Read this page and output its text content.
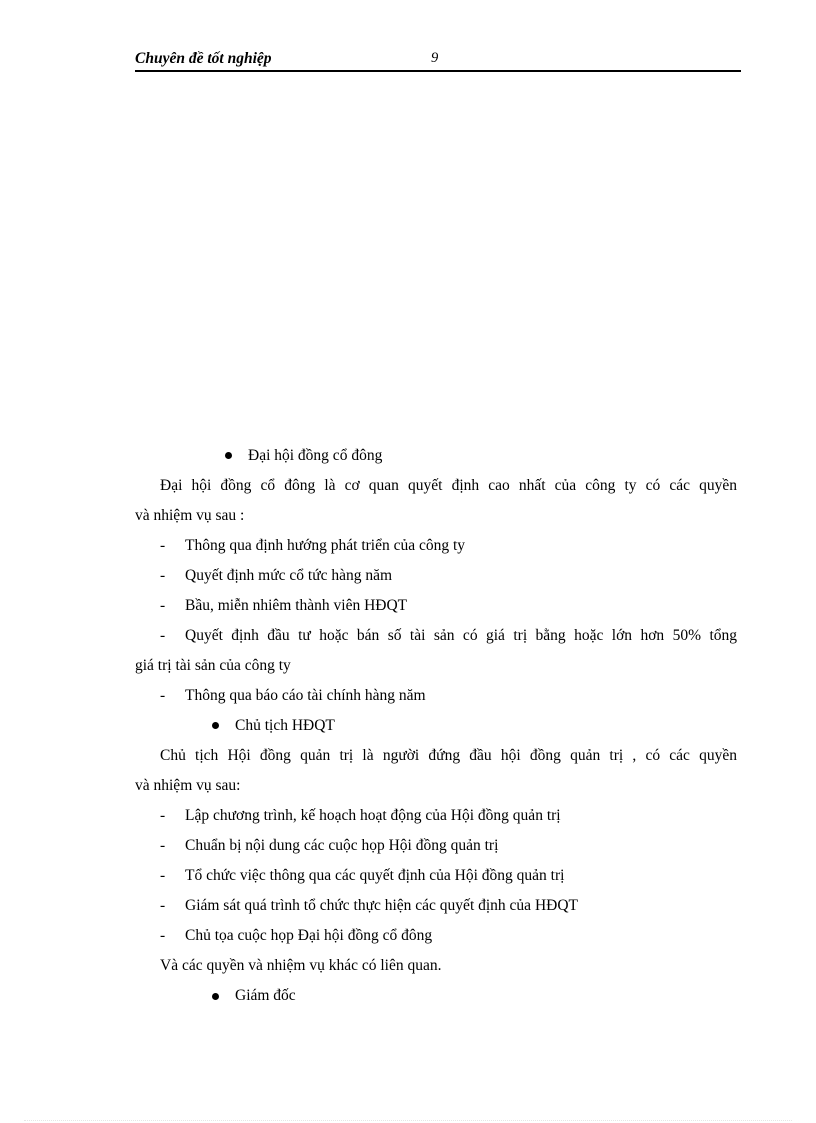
Chuyên đề tốt nghiệp	9
Đại hội đồng cổ đông
Đại hội đồng cổ đông là cơ quan quyết định cao nhất của công ty có các quyền
và nhiệm vụ sau :
- Thông qua định hướng phát triển của công ty
- Quyết định mức cổ tức hàng năm
- Bầu, miễn nhiêm thành viên HĐQT
- Quyết định đầu tư hoặc bán số tài sản có giá trị bằng hoặc lớn hơn 50% tổng
giá trị tài sản của công ty
- Thông qua báo cáo tài chính hàng năm
Chủ tịch HĐQT
Chủ tịch Hội đồng quản trị là người đứng đầu hội đồng quản trị , có các quyền
và nhiệm vụ sau:
- Lập chương trình, kế hoạch hoạt động của Hội đồng quản trị
- Chuẩn bị nội dung các cuộc họp Hội đồng quản trị
- Tổ chức việc thông qua các quyết định của Hội đồng quản trị
- Giám sát quá trình tổ chức thực hiện các quyết định của HĐQT
- Chủ tọa cuộc họp Đại hội đồng cổ đông
Và các quyền và nhiệm vụ khác có liên quan.
Giám đốc
